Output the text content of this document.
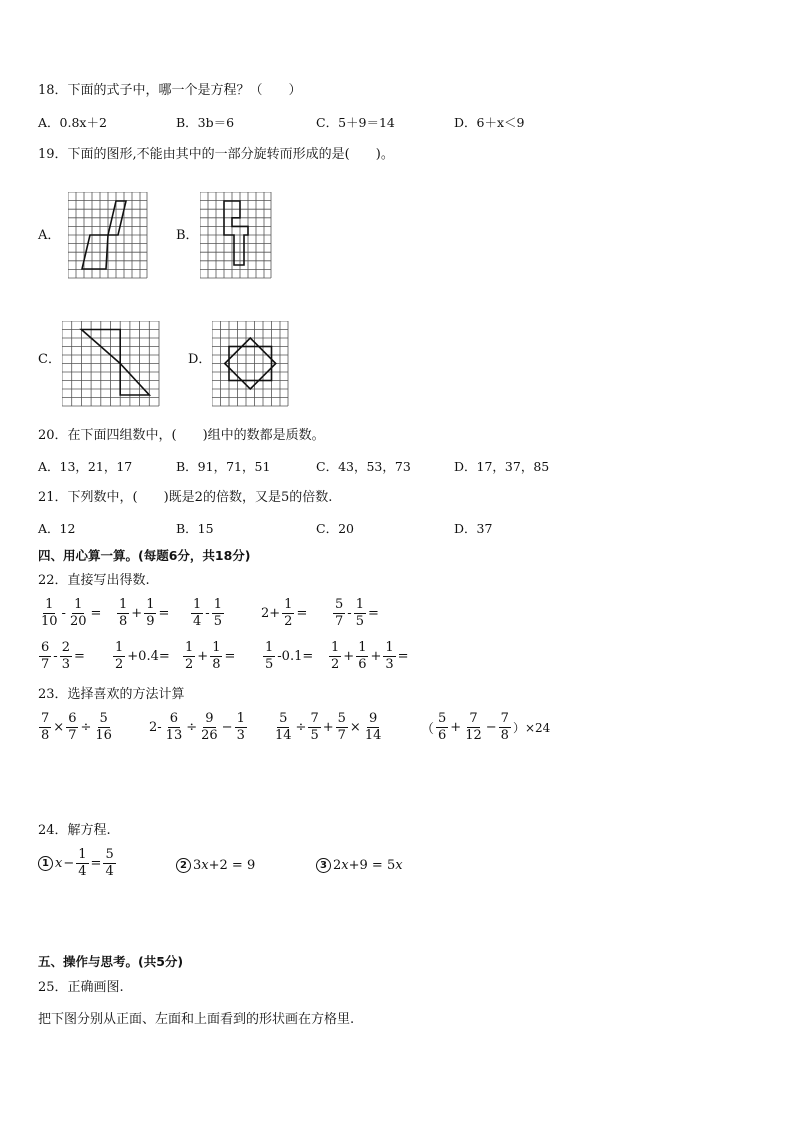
18．下面的式子中，哪一个是方程？（　　）
A．0.8x＋2	B．3b＝6	C．5＋9＝14	D．6＋x＜9
19．下面的图形,不能由其中的一部分旋转而形成的是(　　)。
A．	B．
C．	D．
20．在下面四组数中，(　　)组中的数都是质数。
A．13，21，17	B．91，71，51	C．43，53，73	D．17，37，85
21．下列数中，(　　)既是2的倍数，又是5的倍数.
A．12	B．15	C．20	D．37
四、用心算一算。(每题6分，共18分)
22．直接写出得数.
$\frac{1}{10} - \frac{1}{20} = \frac{1}{8} + \frac{1}{9} = \frac{1}{4} - \frac{1}{5}$	$2+ \frac{1}{2} = \frac{5}{7} - \frac{1}{5}$ =
$\frac{6}{7} - \frac{2}{3} = \frac{1}{2} +0.4= \frac{1}{2} + \frac{1}{8} = \frac{1}{5} -0.1= \frac{1}{2} + \frac{1}{6} + \frac{1}{3}$ =
23．选择喜欢的方法计算
$\frac{7}{8} \times \frac{6}{7} \div \frac{5}{16}$	$2- \frac{6}{13} \div \frac{9}{26} - \frac{1}{3} \frac{5}{14} \div \frac{7}{5} + \frac{5}{7} \times \frac{9}{14}$	（ $\frac{5}{6} + \frac{7}{12} - \frac{7}{8} )\times 24$
24．解方程.
1 $x - \frac{1}{4} = \frac{5}{4}$	2 3 x +2 = 9	3 2 x +9 = 5 x
五、操作与思考。(共5分)
25．正确画图.
把下图分别从正面、左面和上面看到的形状画在方格里.
